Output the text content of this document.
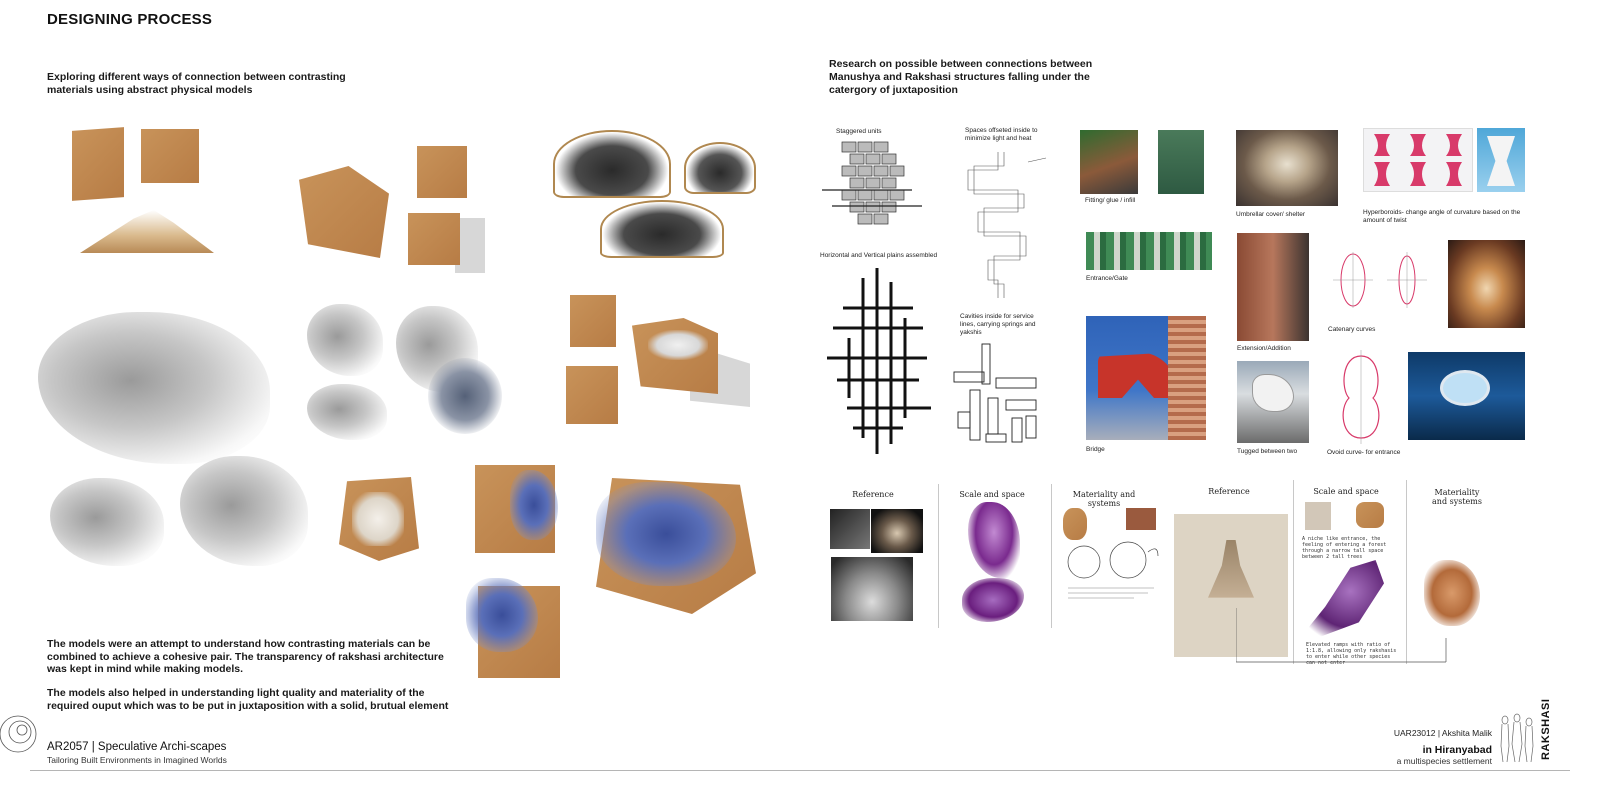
DESIGNING PROCESS
Exploring different ways of connection between contrasting materials using abstract physical models
The models were an attempt to understand how contrasting materials can be combined to achieve a cohesive pair. The transparency of rakshasi architecture was kept in mind while making models.
The models also helped in understanding light quality and materiality of the required ouput which was to be put in juxtaposition with a solid, brutual element
Research on possible between connections between Manushya and Rakshasi structures falling under the catergory of juxtaposition
Staggered units
Horizontal and Vertical plains assembled
Spaces offseted inside to minimize light and heat
Cavities inside for service lines, carrying springs and yakshis
Fitting/ glue / infill
Entrance/Gate
Bridge
Umbrellar cover/ shelter
Extension/Addition
Tugged between two
Hyperboroids- change angle of curvature based on the amount of twist
Catenary curves
Ovoid curve- for entrance
Reference	Scale and space	Materiality and systems
Reference	Scale and space	Materiality and systems
A niche like entrance, the feeling of entering a forest through a narrow tall space between 2 tall trees
Elevated ramps with ratio of 1:1.8, allowing only rakshasis to enter while other species can not enter
AR2057 | Speculative Archi-scapes
Tailoring Built Environments in Imagined Worlds
UAR23012 | Akshita Malik
in Hiranyabad
a multispecies settlement
RAKSHASI
